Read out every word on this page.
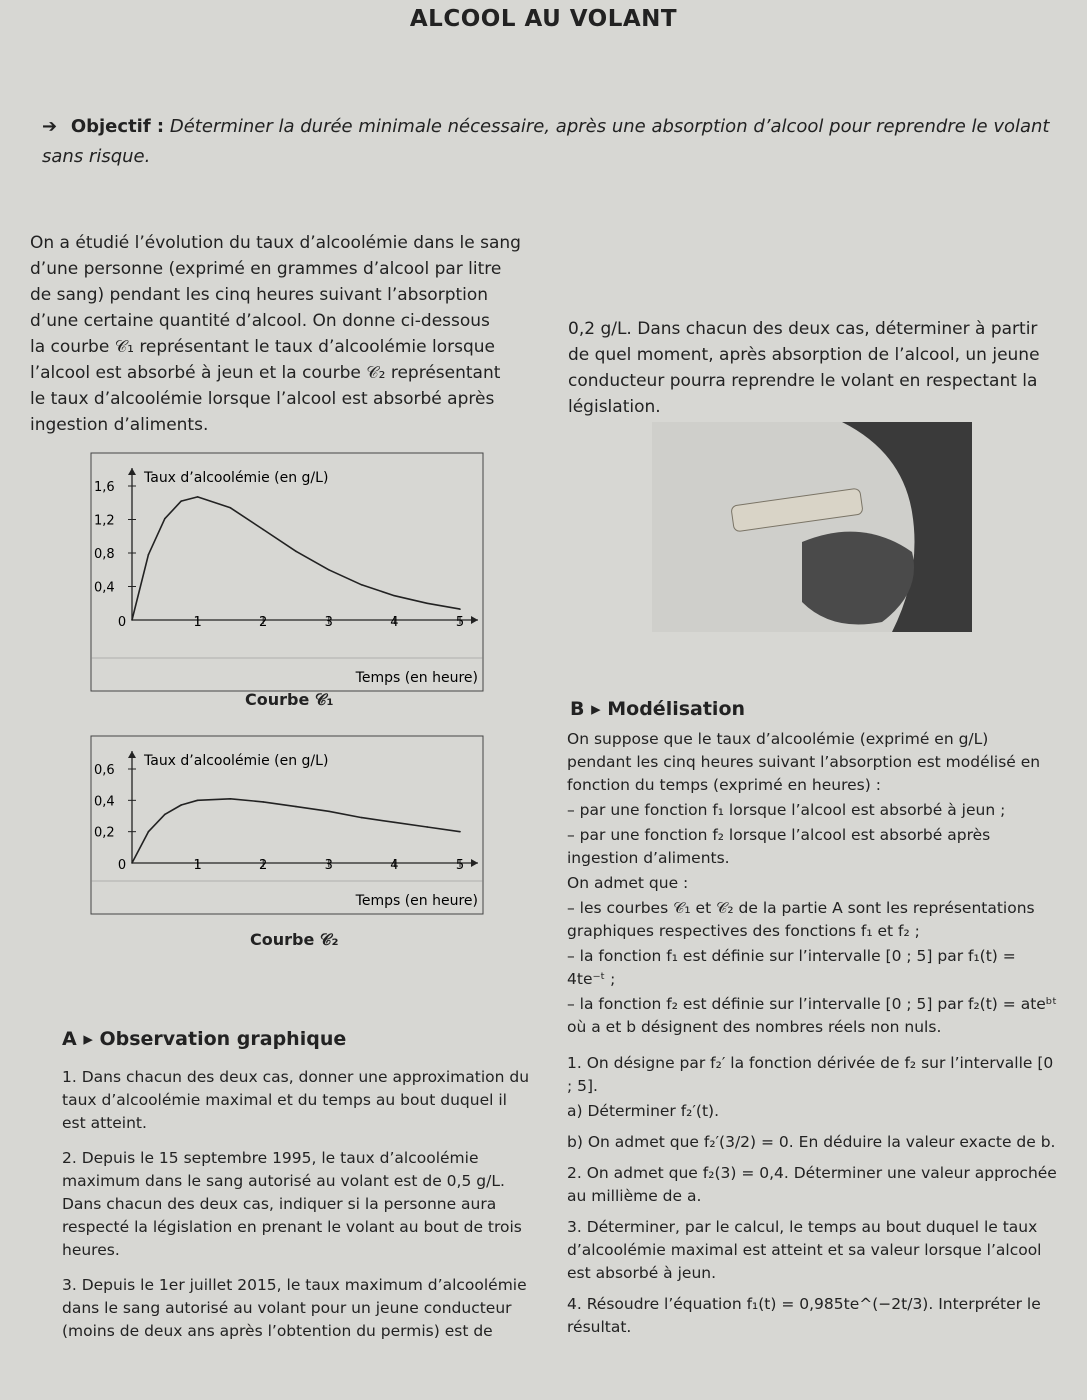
ALCOOL AU VOLANT
➔ Objectif : Déterminer la durée minimale nécessaire, après une absorption d’alcool pour reprendre le volant sans risque.

On a étudié l’évolution du taux d’alcoolémie dans le sang

d’une personne (exprimé en grammes d’alcool par litre

de sang) pendant les cinq heures suivant l’absorption

d’une certaine quantité d’alcool. On donne ci-dessous

la courbe 𝒞₁ représentant le taux d’alcoolémie lorsque

l’alcool est absorbé à jeun et la courbe 𝒞₂ représentant

le taux d’alcoolémie lorsque l’alcool est absorbé après

ingestion d’aliments.

0,2 g/L. Dans chacun des deux cas, déterminer à partir

de quel moment, après absorption de l’alcool, un jeune

conducteur pourra reprendre le volant en respectant la

législation.

0	1	2	3	4	5
0,4
0,8
1,2
1,6
Taux d’alcoolémie (en g/L)
Temps (en heure)
Courbe 𝒞₁
0	1	2	3	4	5
0,2
0,4
0,6
Taux d’alcoolémie (en g/L)
Temps (en heure)
Courbe 𝒞₂
B ▸ Modélisation

On suppose que le taux d’alcoolémie (exprimé en g/L) pendant les cinq heures suivant l’absorption est modélisé en fonction du temps (exprimé en heures) :

– par une fonction f₁ lorsque l’alcool est absorbé à jeun ;

– par une fonction f₂ lorsque l’alcool est absorbé après ingestion d’aliments.

On admet que :

– les courbes 𝒞₁ et 𝒞₂ de la partie A sont les représentations graphiques respectives des fonctions f₁ et f₂ ;

– la fonction f₁ est définie sur l’intervalle [0 ; 5] par f₁(t) = 4te⁻ᵗ ;

– la fonction f₂ est définie sur l’intervalle [0 ; 5] par f₂(t) = ateᵇᵗ où a et b désignent des nombres réels non nuls.

1. On désigne par f₂′ la fonction dérivée de f₂ sur l’intervalle [0 ; 5].

a) Déterminer f₂′(t).

b) On admet que f₂′(3/2) = 0. En déduire la valeur exacte de b.

2. On admet que f₂(3) = 0,4. Déterminer une valeur approchée au millième de a.

3. Déterminer, par le calcul, le temps au bout duquel le taux d’alcoolémie maximal est atteint et sa valeur lorsque l’alcool est absorbé à jeun.

4. Résoudre l’équation f₁(t) = 0,985te^(−2t/3). Interpréter le résultat.

A ▸ Observation graphique

1. Dans chacun des deux cas, donner une approximation du taux d’alcoolémie maximal et du temps au bout duquel il est atteint.

2. Depuis le 15 septembre 1995, le taux d’alcoolémie maximum dans le sang autorisé au volant est de 0,5 g/L. Dans chacun des deux cas, indiquer si la personne aura respecté la législation en prenant le volant au bout de trois heures.

3. Depuis le 1er juillet 2015, le taux maximum d’alcoolémie dans le sang autorisé au volant pour un jeune conducteur (moins de deux ans après l’obtention du permis) est de
